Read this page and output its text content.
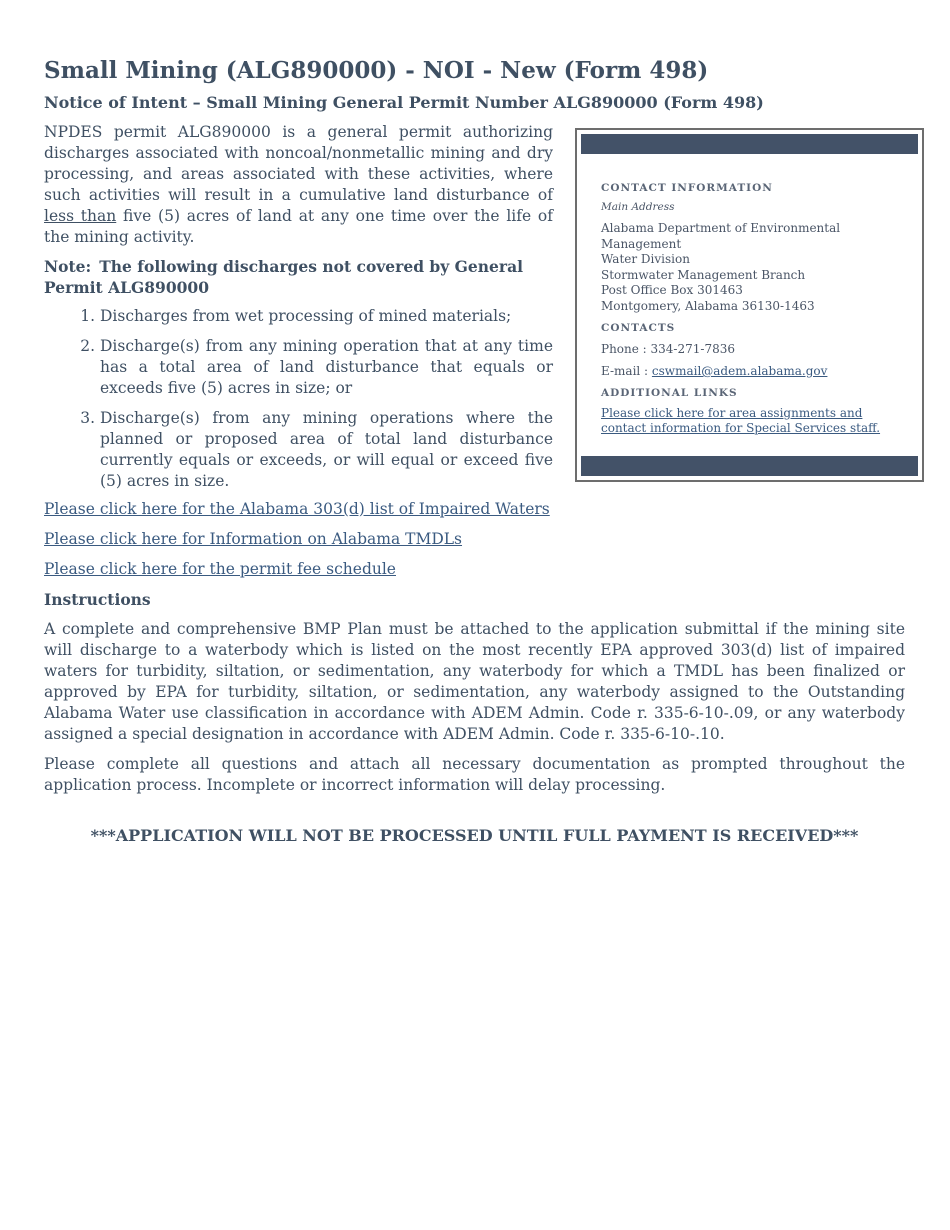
Small Mining (ALG890000) - NOI - New (Form 498)
Notice of Intent – Small Mining General Permit Number ALG890000 (Form 498)

NPDES permit ALG890000 is a general permit authorizing discharges associated with noncoal/nonmetallic mining and dry processing, and areas associated with these activities, where such activities will result in a cumulative land disturbance of less than five (5) acres of land at any one time over the life of the mining activity.

Note: The following discharges not covered by General Permit ALG890000

1. Discharges from wet processing of mined materials;
2. Discharge(s) from any mining operation that at any time has a total area of land disturbance that equals or exceeds five (5) acres in size; or
3. Discharge(s) from any mining operations where the planned or proposed area of total land disturbance currently equals or exceeds, or will equal or exceed five (5) acres in size.
CONTACT INFORMATION
Main Address

Alabama Department of Environmental Management

Water Division

Stormwater Management Branch

Post Office Box 301463

Montgomery, Alabama 36130-1463

CONTACTS

Phone : 334-271-7836

E-mail : cswmail@adem.alabama.gov

ADDITIONAL LINKS

Please click here for area assignments and contact information for Special Services staff.

Please click here for the Alabama 303(d) list of Impaired Waters

Please click here for Information on Alabama TMDLs

Please click here for the permit fee schedule

Instructions

A complete and comprehensive BMP Plan must be attached to the application submittal if the mining site will discharge to a waterbody which is listed on the most recently EPA approved 303(d) list of impaired waters for turbidity, siltation, or sedimentation, any waterbody for which a TMDL has been finalized or approved by EPA for turbidity, siltation, or sedimentation, any waterbody assigned to the Outstanding Alabama Water use classification in accordance with ADEM Admin. Code r. 335-6-10-.09, or any waterbody assigned a special designation in accordance with ADEM Admin. Code r. 335-6-10-.10.

Please complete all questions and attach all necessary documentation as prompted throughout the application process. Incomplete or incorrect information will delay processing.

***APPLICATION WILL NOT BE PROCESSED UNTIL FULL PAYMENT IS RECEIVED***
